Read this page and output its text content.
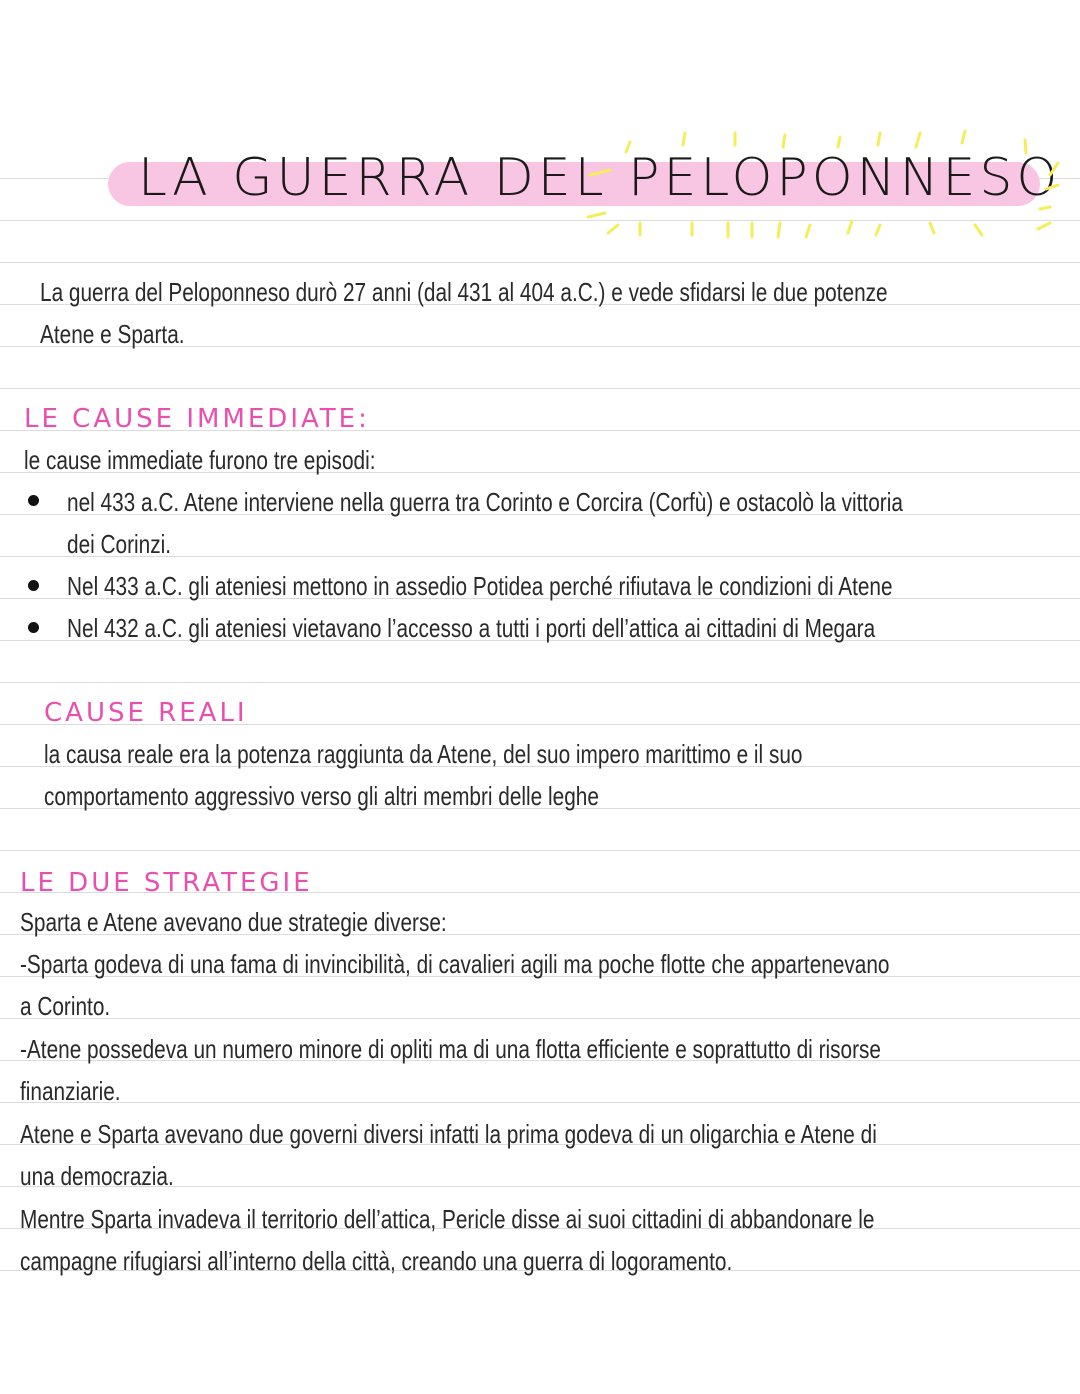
LA GUERRA DEL PELOPONNESO
La guerra del Peloponneso durò 27 anni (dal 431 al 404 a.C.) e vede sfidarsi le due potenze
Atene e Sparta.
LE CAUSE IMMEDIATE:
le cause immediate furono tre episodi:
nel 433 a.C. Atene interviene nella guerra tra Corinto e Corcira (Corfù) e ostacolò la vittoria
dei Corinzi.
Nel 433 a.C. gli ateniesi mettono in assedio Potidea perché rifiutava le condizioni di Atene
Nel 432 a.C. gli ateniesi vietavano l’accesso a tutti i porti dell’attica ai cittadini di Megara
CAUSE REALI
la causa reale era la potenza raggiunta da Atene, del suo impero marittimo e il suo
comportamento aggressivo verso gli altri membri delle leghe
LE DUE STRATEGIE
Sparta e Atene avevano due strategie diverse:
-Sparta godeva di una fama di invincibilità, di cavalieri agili ma poche flotte che appartenevano
a Corinto.
-Atene possedeva un numero minore di opliti ma di una flotta efficiente e soprattutto di risorse
finanziarie.
Atene e Sparta avevano due governi diversi infatti la prima godeva di un oligarchia e Atene di
una democrazia.
Mentre Sparta invadeva il territorio dell’attica, Pericle disse ai suoi cittadini di abbandonare le
campagne rifugiarsi all’interno della città, creando una guerra di logoramento.
